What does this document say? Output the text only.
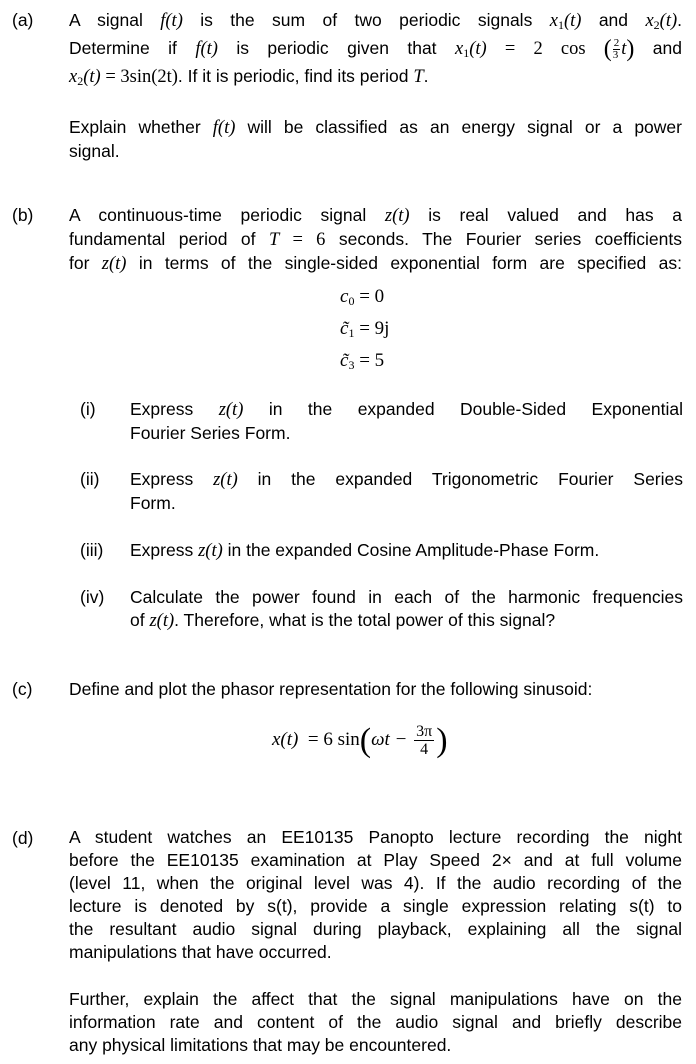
(a) A signal f(t) is the sum of two periodic signals $x_1(t)$ and $x_2(t)$.
Determine if f(t) is periodic given that $x_1(t) = 2$ cos ( $\frac{2}{3} t$) and
$x_2(t) = 3\sin(2t)$. If it is periodic, find its period T.
Explain whether f(t) will be classified as an energy signal or a power
signal.
(b) A continuous-time periodic signal z(t) is real valued and has a
fundamental period of T = 6 seconds. The Fourier series coefficients
for z(t) in terms of the single-sided exponential form are specified as:
$c_0 = 0$
$c̃_1 = 9j$
$c̃_3 = 5$
(i) Express z(t) in the expanded Double-Sided Exponential
Fourier Series Form.
(ii) Express z(t) in the expanded Trigonometric Fourier Series
Form.
(iii) Express z(t) in the expanded Cosine Amplitude-Phase Form.
(iv) Calculate the power found in each of the harmonic frequencies
of z(t). Therefore, what is the total power of this signal?
(c) Define and plot the phasor representation for the following sinusoid:
x(t) = 6 $\sin(\omega t - \frac{3\pi}{4}$ )
(d) A student watches an EE10135 Panopto lecture recording the night
before the EE10135 examination at Play Speed 2× and at full volume
(level 11, when the original level was 4). If the audio recording of the
lecture is denoted by s(t), provide a single expression relating s(t) to
the resultant audio signal during playback, explaining all the signal
manipulations that have occurred.
Further, explain the affect that the signal manipulations have on the
information rate and content of the audio signal and briefly describe
any physical limitations that may be encountered.
